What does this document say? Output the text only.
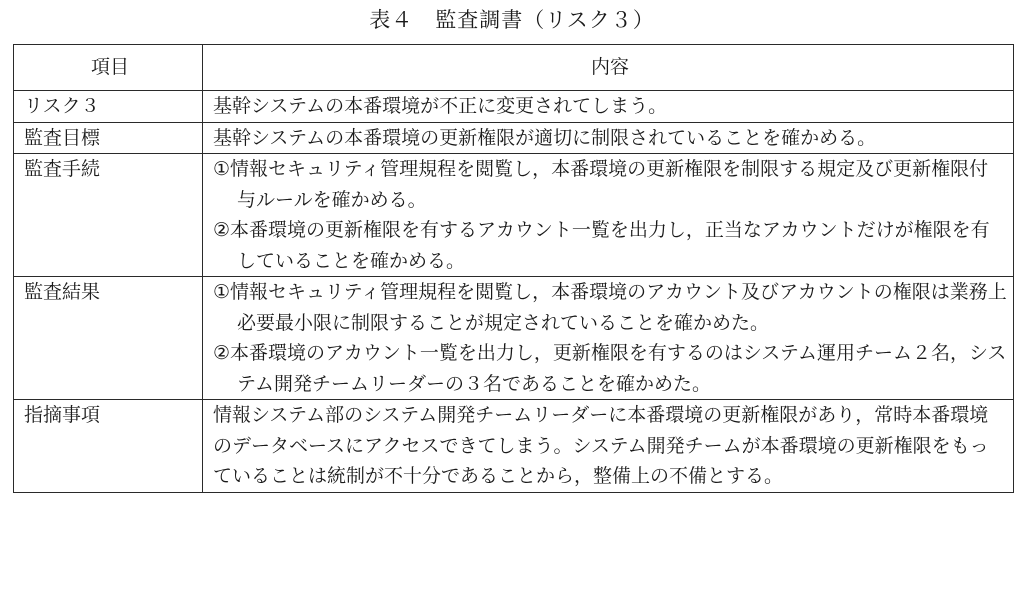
表４　監査調書（リスク３）
項目	内容
リスク３	基幹システムの本番環境が不正に変更されてしまう。

監査目標	基幹システムの本番環境の更新権限が適切に制限されていることを確かめる。

監査手続	①情報セキュリティ管理規程を閲覧し，本番環境の更新権限を制限する規定及び更新権限付与ルールを確かめる。
②本番環境の更新権限を有するアカウント一覧を出力し，正当なアカウントだけが権限を有していることを確かめる。

監査結果	①情報セキュリティ管理規程を閲覧し，本番環境のアカウント及びアカウントの権限は業務上必要最小限に制限することが規定されていることを確かめた。
②本番環境のアカウント一覧を出力し，更新権限を有するのはシステム運用チーム２名，システム開発チームリーダーの３名であることを確かめた。

指摘事項	情報システム部のシステム開発チームリーダーに本番環境の更新権限があり，常時本番環境のデータベースにアクセスできてしまう。システム開発チームが本番環境の更新権限をもっていることは統制が不十分であることから，整備上の不備とする。
